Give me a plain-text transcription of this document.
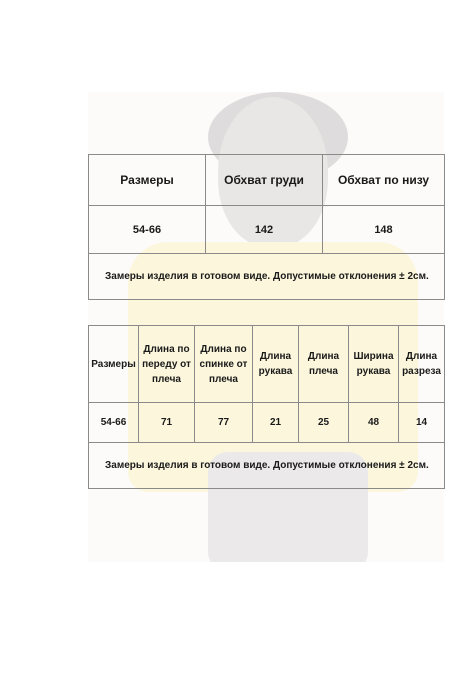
Размеры	Обхват груди	Обхват по низу
54-66	142	148
Замеры изделия в готовом виде. Допустимые отклонения ± 2см.		
Размеры	Длина по переду от плеча	Длина по спинке от плеча	Длина рукава	Длина плеча	Ширина рукава	Длина разреза
54-66	71	77	21	25	48	14
Замеры изделия в готовом виде. Допустимые отклонения ± 2см.						
